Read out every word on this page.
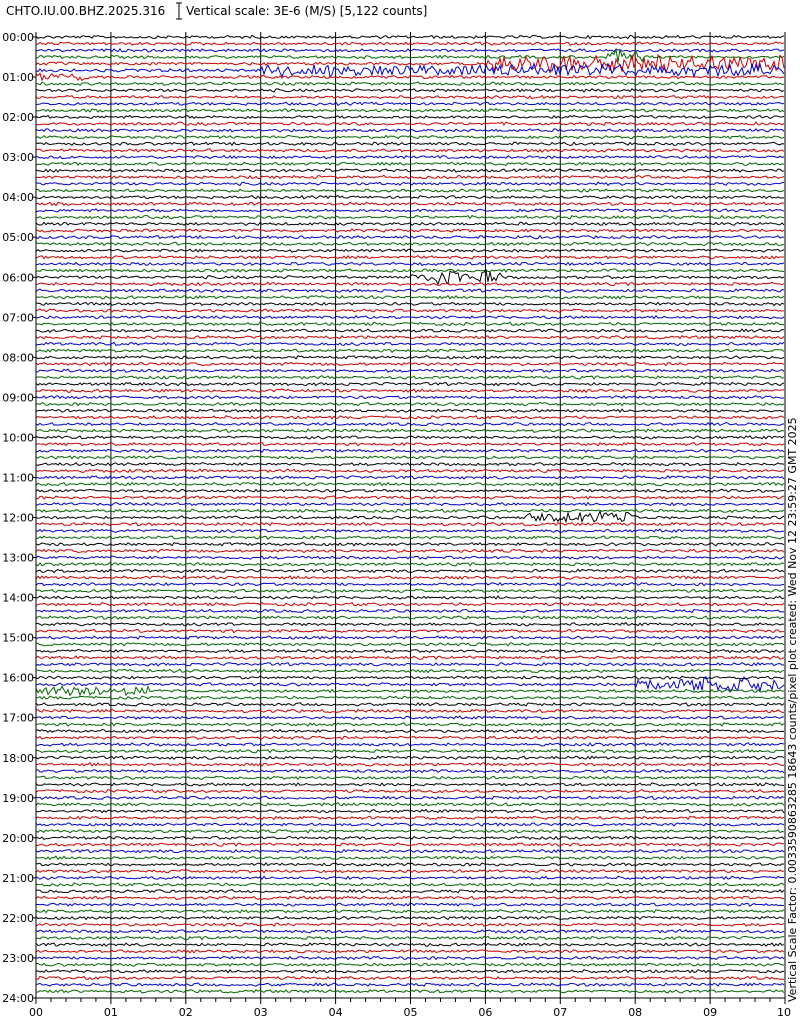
CHTO.IU.00.BHZ.2025.316 Vertical scale: 3E-6 (M/S) [5,122 counts]
00:00
01:00
02:00
03:00
04:00
05:00
06:00
07:00
08:00
09:00
10:00
11:00
12:00
13:00
14:00
15:00
16:00
17:00
18:00
19:00
20:00
21:00
22:00
23:00
24:00
00	01	02	03	04	05	06	07	08	09	10
Vertical Scale Factor: 0.0033590863285 18643 counts/pixel plot created: Wed Nov 12 23:59:27 GMT 2025
